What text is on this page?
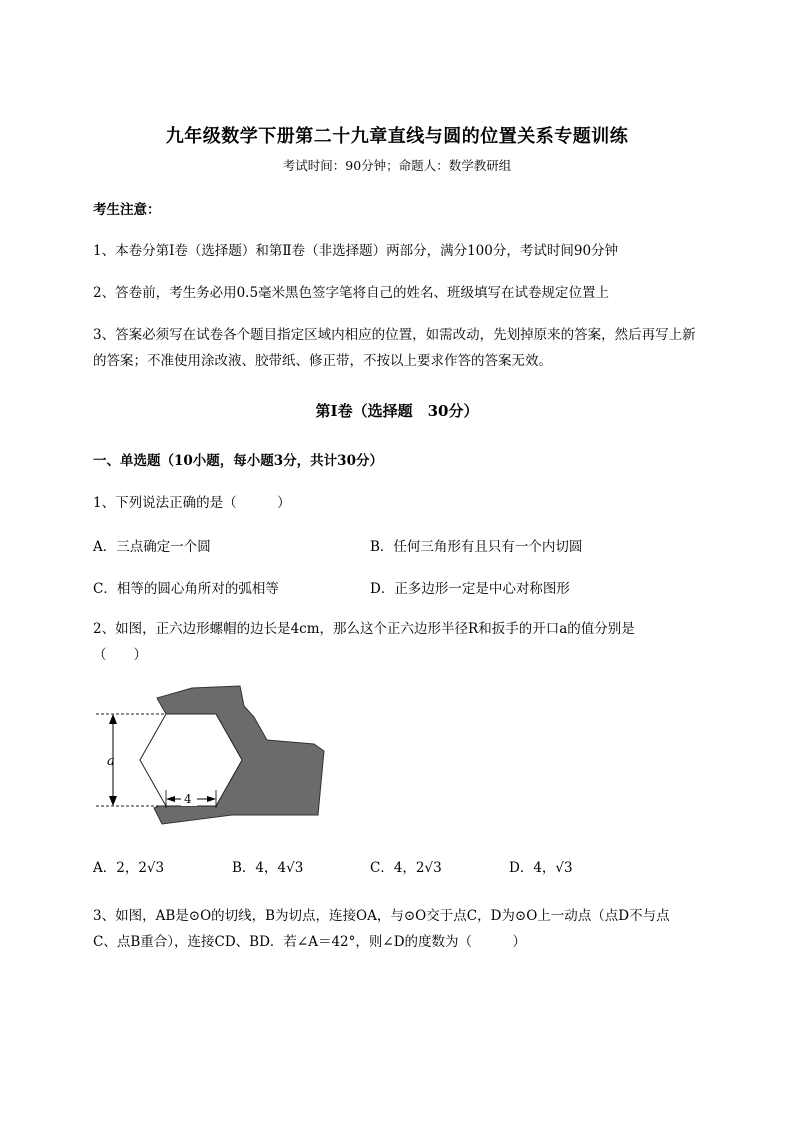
九年级数学下册第二十九章直线与圆的位置关系专题训练
考试时间：90分钟；命题人：数学教研组
考生注意：
1、本卷分第Ⅰ卷（选择题）和第Ⅱ卷（非选择题）两部分，满分100分，考试时间90分钟
2、答卷前，考生务必用0.5毫米黑色签字笔将自己的姓名、班级填写在试卷规定位置上
3、答案必须写在试卷各个题目指定区域内相应的位置，如需改动，先划掉原来的答案，然后再写上新
的答案；不准使用涂改液、胶带纸、修正带，不按以上要求作答的答案无效。
第Ⅰ卷（选择题　30分）
一、单选题（10小题，每小题3分，共计30分）
1、下列说法正确的是（　　　）
A．三点确定一个圆	B．任何三角形有且只有一个内切圆
C．相等的圆心角所对的弧相等	D．正多边形一定是中心对称图形
2、如图，正六边形螺帽的边长是4cm，那么这个正六边形半径R和扳手的开口a的值分别是
（　　）
a
4
A．2，2√3	B．4，4√3	C．4，2√3	D．4，√3
3、如图，AB是⊙O的切线，B为切点，连接OA，与⊙O交于点C，D为⊙O上一动点（点D不与点
C、点B重合），连接CD、BD．若∠A＝42°，则∠D的度数为（　　　）
